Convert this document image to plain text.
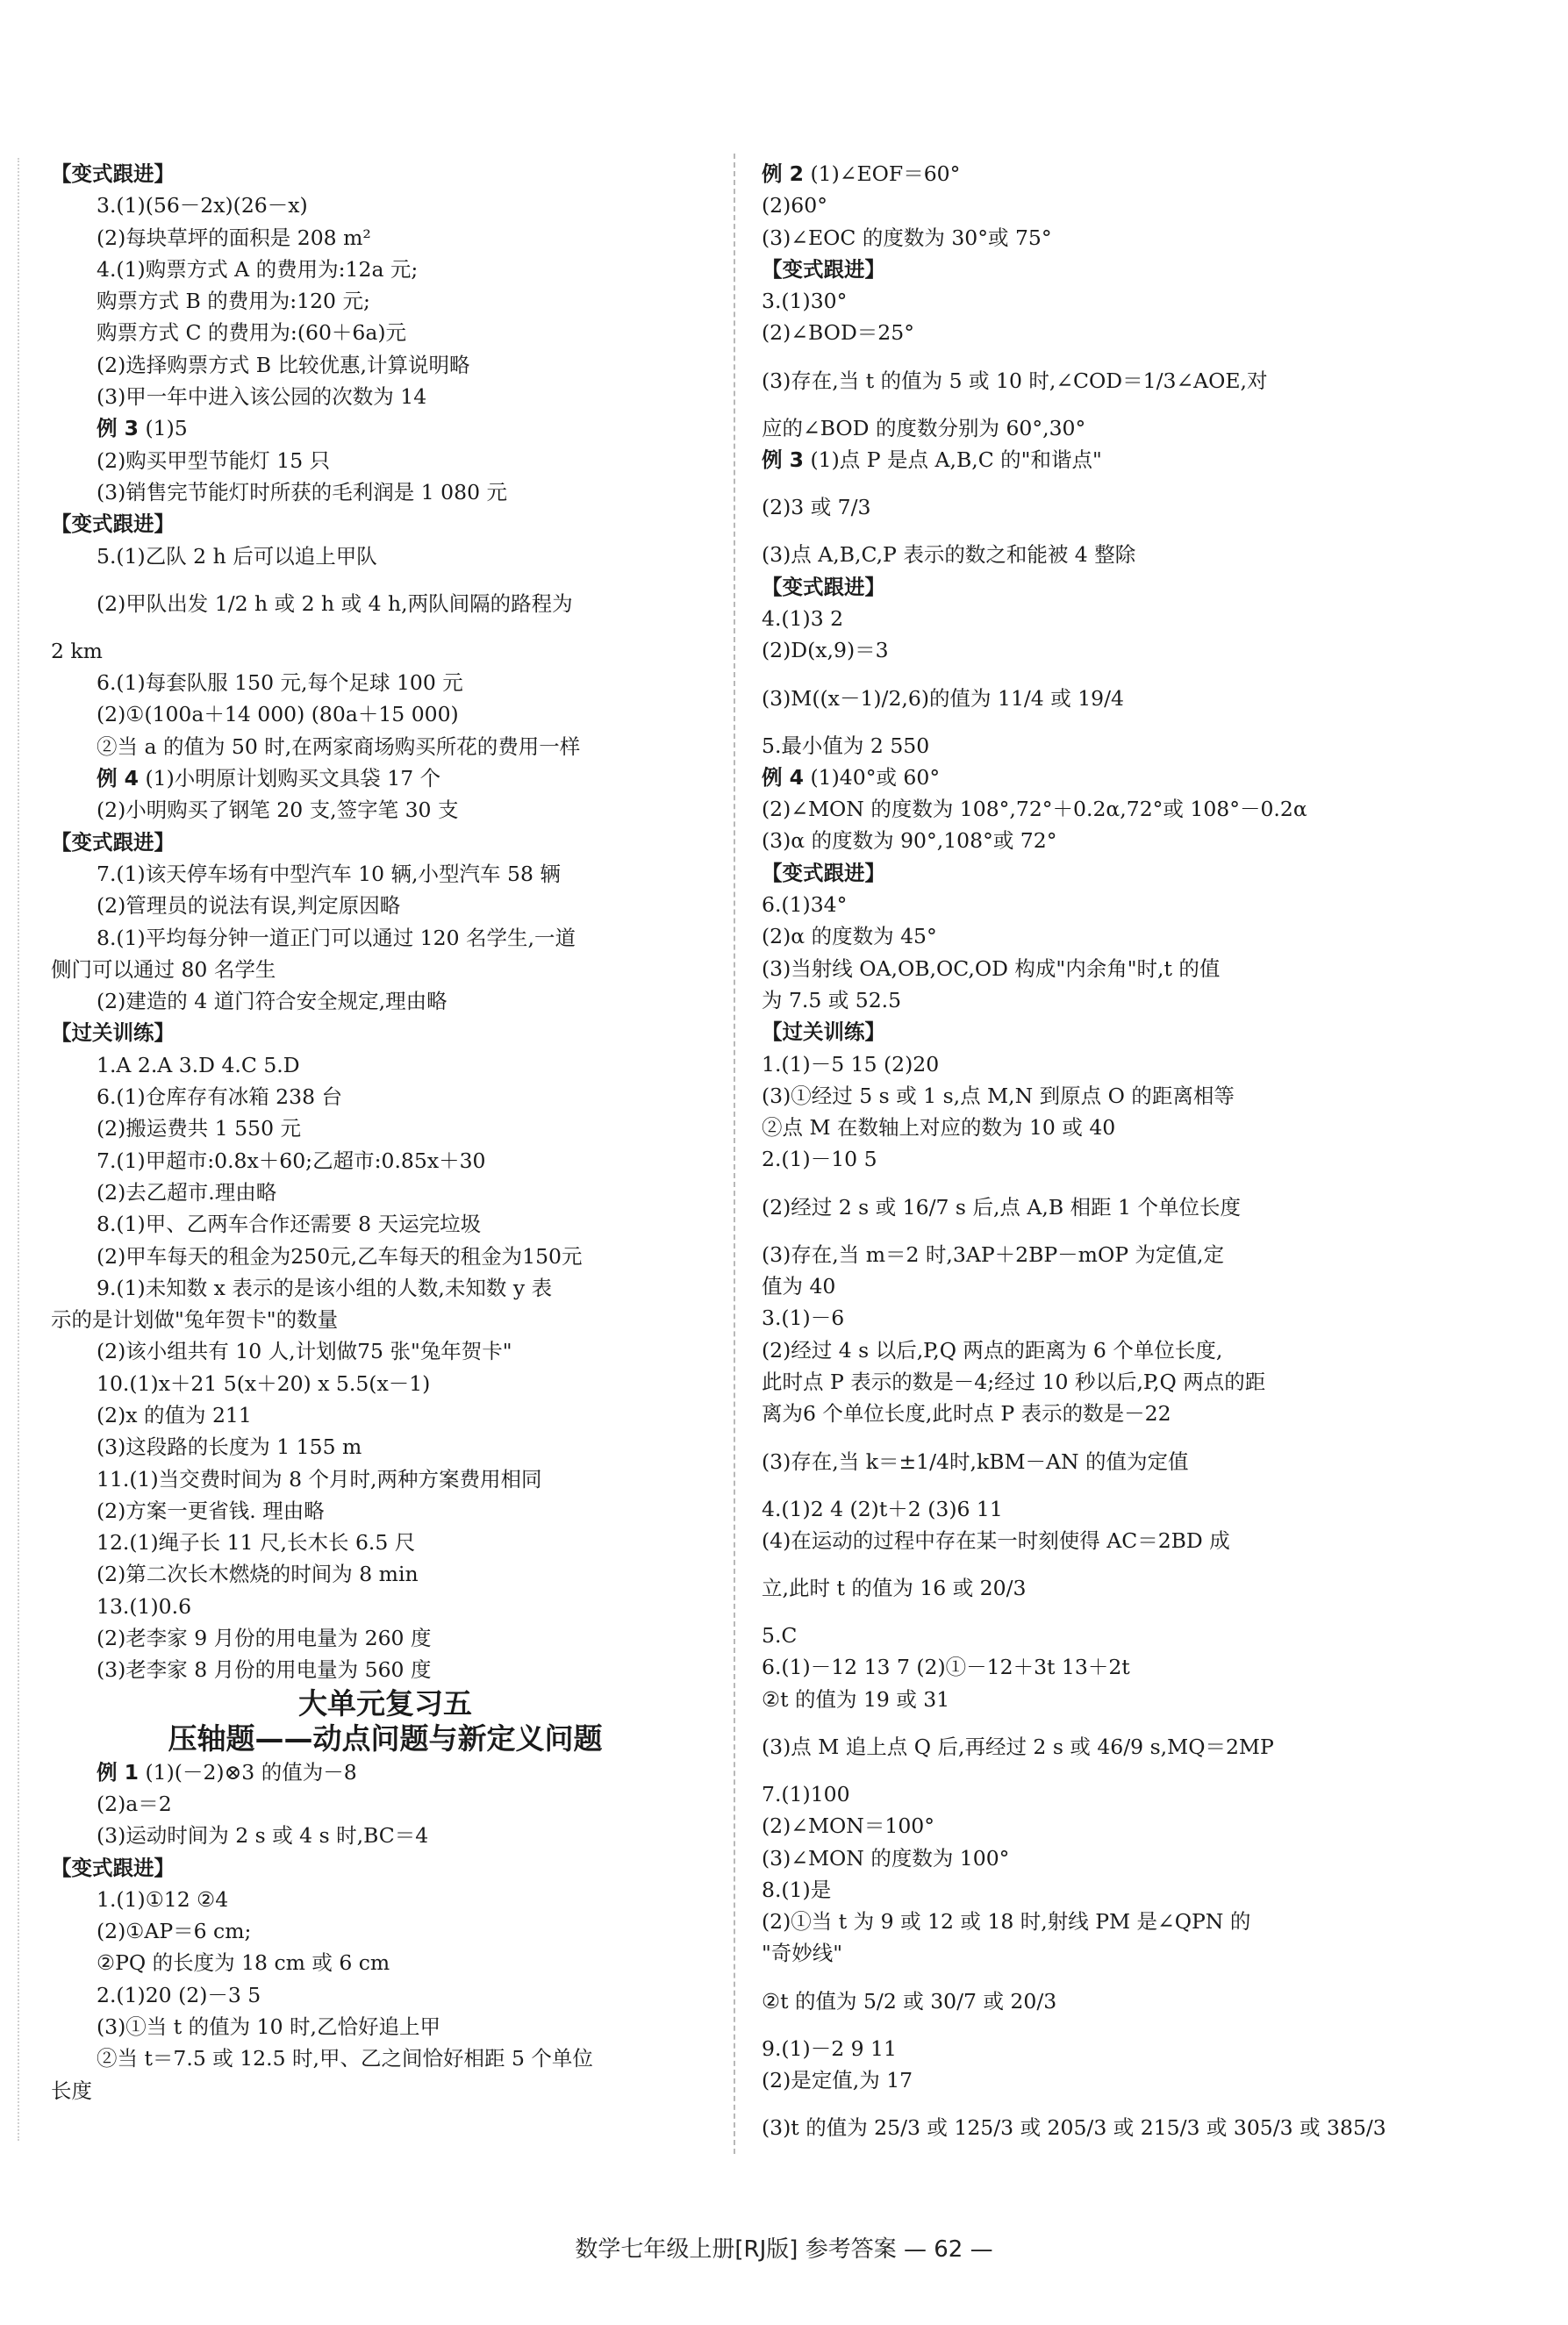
【变式跟进】
3.(1)(56－2x)(26－x)
(2)每块草坪的面积是 208 m²
4.(1)购票方式 A 的费用为:12a 元;
购票方式 B 的费用为:120 元;
购票方式 C 的费用为:(60＋6a)元
(2)选择购票方式 B 比较优惠,计算说明略
(3)甲一年中进入该公园的次数为 14
例 3 (1)5
(2)购买甲型节能灯 15 只
(3)销售完节能灯时所获的毛利润是 1 080 元
【变式跟进】
5.(1)乙队 2 h 后可以追上甲队
(2)甲队出发 1/2 h 或 2 h 或 4 h,两队间隔的路程为
2 km
6.(1)每套队服 150 元,每个足球 100 元
(2)①(100a＋14 000) (80a＋15 000)
②当 a 的值为 50 时,在两家商场购买所花的费用一样
例 4 (1)小明原计划购买文具袋 17 个
(2)小明购买了钢笔 20 支,签字笔 30 支
【变式跟进】
7.(1)该天停车场有中型汽车 10 辆,小型汽车 58 辆
(2)管理员的说法有误,判定原因略
8.(1)平均每分钟一道正门可以通过 120 名学生,一道
侧门可以通过 80 名学生
(2)建造的 4 道门符合安全规定,理由略
【过关训练】
1.A 2.A 3.D 4.C 5.D
6.(1)仓库存有冰箱 238 台
(2)搬运费共 1 550 元
7.(1)甲超市:0.8x＋60;乙超市:0.85x＋30
(2)去乙超市.理由略
8.(1)甲、乙两车合作还需要 8 天运完垃圾
(2)甲车每天的租金为250元,乙车每天的租金为150元
9.(1)未知数 x 表示的是该小组的人数,未知数 y 表
示的是计划做"兔年贺卡"的数量
(2)该小组共有 10 人,计划做75 张"兔年贺卡"
10.(1)x＋21 5(x＋20) x 5.5(x－1)
(2)x 的值为 211
(3)这段路的长度为 1 155 m
11.(1)当交费时间为 8 个月时,两种方案费用相同
(2)方案一更省钱. 理由略
12.(1)绳子长 11 尺,长木长 6.5 尺
(2)第二次长木燃烧的时间为 8 min
13.(1)0.6
(2)老李家 9 月份的用电量为 260 度
(3)老李家 8 月份的用电量为 560 度
大单元复习五
压轴题——动点问题与新定义问题
例 1 (1)(－2)⊗3 的值为－8
(2)a＝2
(3)运动时间为 2 s 或 4 s 时,BC＝4
【变式跟进】
1.(1)①12 ②4
(2)①AP＝6 cm;
②PQ 的长度为 18 cm 或 6 cm
2.(1)20 (2)－3 5
(3)①当 t 的值为 10 时,乙恰好追上甲
②当 t＝7.5 或 12.5 时,甲、乙之间恰好相距 5 个单位
长度
例 2 (1)∠EOF＝60°
(2)60°
(3)∠EOC 的度数为 30°或 75°
【变式跟进】
3.(1)30°
(2)∠BOD＝25°
(3)存在,当 t 的值为 5 或 10 时,∠COD＝1/3∠AOE,对
应的∠BOD 的度数分别为 60°,30°
例 3 (1)点 P 是点 A,B,C 的"和谐点"
(2)3 或 7/3
(3)点 A,B,C,P 表示的数之和能被 4 整除
【变式跟进】
4.(1)3 2
(2)D(x,9)＝3
(3)M((x－1)/2,6)的值为 11/4 或 19/4
5.最小值为 2 550
例 4 (1)40°或 60°
(2)∠MON 的度数为 108°,72°＋0.2α,72°或 108°－0.2α
(3)α 的度数为 90°,108°或 72°
【变式跟进】
6.(1)34°
(2)α 的度数为 45°
(3)当射线 OA,OB,OC,OD 构成"内余角"时,t 的值
为 7.5 或 52.5
【过关训练】
1.(1)－5 15 (2)20
(3)①经过 5 s 或 1 s,点 M,N 到原点 O 的距离相等
②点 M 在数轴上对应的数为 10 或 40
2.(1)－10 5
(2)经过 2 s 或 16/7 s 后,点 A,B 相距 1 个单位长度
(3)存在,当 m＝2 时,3AP＋2BP－mOP 为定值,定
值为 40
3.(1)－6
(2)经过 4 s 以后,P,Q 两点的距离为 6 个单位长度,
此时点 P 表示的数是－4;经过 10 秒以后,P,Q 两点的距
离为6 个单位长度,此时点 P 表示的数是－22
(3)存在,当 k＝±1/4时,kBM－AN 的值为定值
4.(1)2 4 (2)t＋2 (3)6 11
(4)在运动的过程中存在某一时刻使得 AC＝2BD 成
立,此时 t 的值为 16 或 20/3
5.C
6.(1)－12 13 7 (2)①－12＋3t 13＋2t
②t 的值为 19 或 31
(3)点 M 追上点 Q 后,再经过 2 s 或 46/9 s,MQ＝2MP
7.(1)100
(2)∠MON＝100°
(3)∠MON 的度数为 100°
8.(1)是
(2)①当 t 为 9 或 12 或 18 时,射线 PM 是∠QPN 的
"奇妙线"
②t 的值为 5/2 或 30/7 或 20/3
9.(1)－2 9 11
(2)是定值,为 17
(3)t 的值为 25/3 或 125/3 或 205/3 或 215/3 或 305/3 或 385/3
数学七年级上册[RJ版] 参考答案 — 62 —
